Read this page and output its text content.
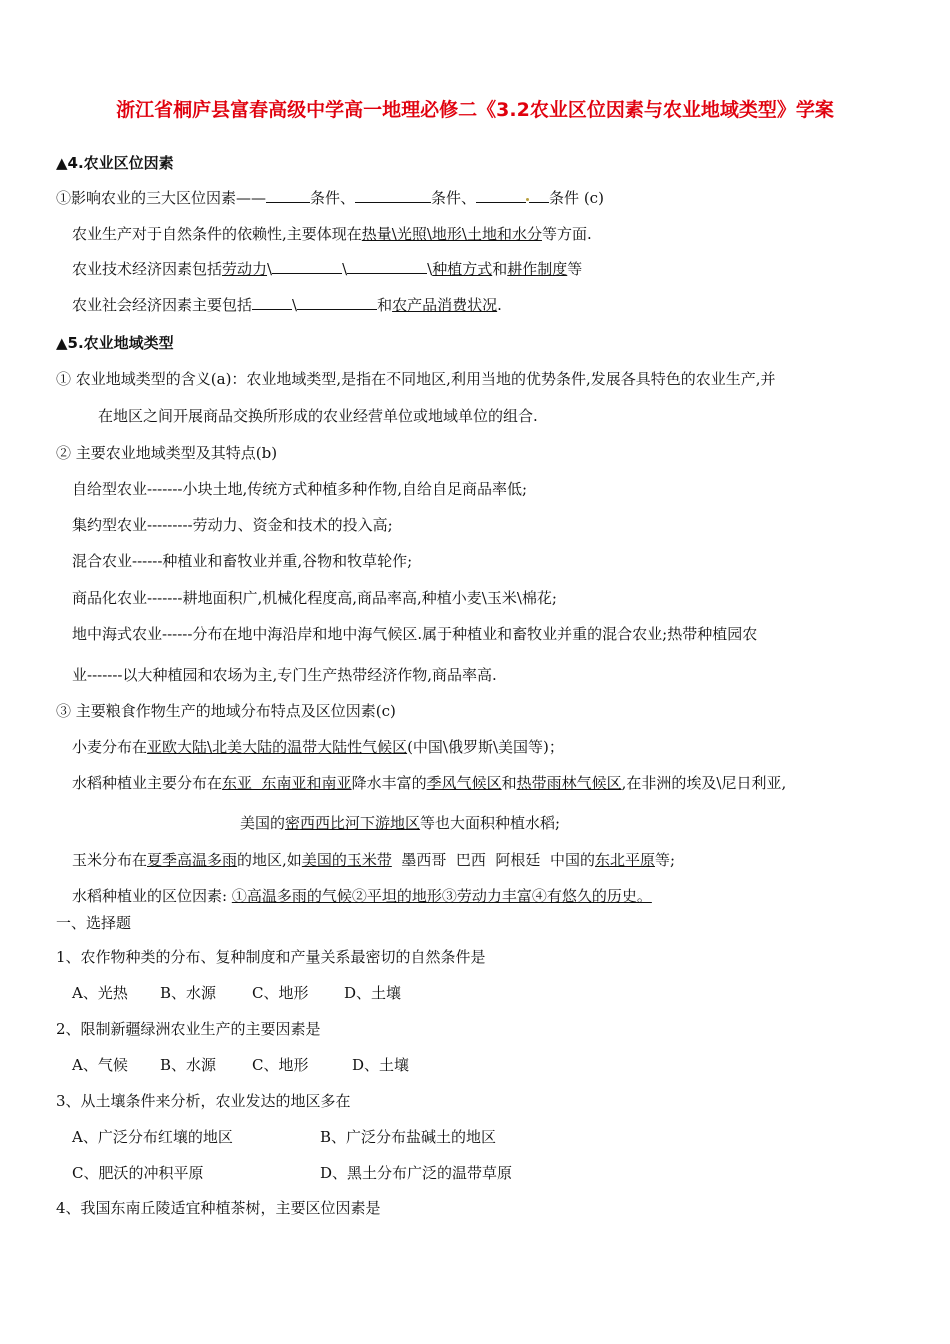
浙江省桐庐县富春高级中学高一地理必修二《3.2农业区位因素与农业地域类型》学案
▲4.农业区位因素
①影响农业的三大区位因素——	条件、	条件、	条件 (c)
农业生产对于自然条件的依赖性,主要体现在热量\光照\地形\土地和水分等方面.
农业技术经济因素包括劳动力\	\	\种植方式和耕作制度等
农业社会经济因素主要包括	\	和农产品消费状况.
▲5.农业地域类型
① 农业地域类型的含义(a)：农业地域类型,是指在不同地区,利用当地的优势条件,发展各具特色的农业生产,并
在地区之间开展商品交换所形成的农业经营单位或地域单位的组合.
② 主要农业地域类型及其特点(b)
自给型农业-------小块土地,传统方式种植多种作物,自给自足商品率低;
集约型农业---------劳动力、资金和技术的投入高;
混合农业------种植业和畜牧业并重,谷物和牧草轮作;
商品化农业-------耕地面积广,机械化程度高,商品率高,种植小麦\玉米\棉花;
地中海式农业------分布在地中海沿岸和地中海气候区.属于种植业和畜牧业并重的混合农业;热带种植园农
业-------以大种植园和农场为主,专门生产热带经济作物,商品率高.
③ 主要粮食作物生产的地域分布特点及区位因素(c)
小麦分布在亚欧大陆\北美大陆的温带大陆性气候区(中国\俄罗斯\美国等)；
水稻种植业主要分布在东亚  东南亚和南亚降水丰富的季风气候区和热带雨林气候区,在非洲的埃及\尼日利亚,
美国的密西西比河下游地区等也大面积种植水稻;
玉米分布在夏季高温多雨的地区,如美国的玉米带  墨西哥  巴西  阿根廷  中国的东北平原等;
水稻种植业的区位因素: ①高温多雨的气候②平坦的地形③劳动力丰富④有悠久的历史。
一、选择题
1、农作物种类的分布、复种制度和产量关系最密切的自然条件是
A、光热 B、水源 C、地形 D、土壤
2、限制新疆绿洲农业生产的主要因素是
A、气候 B、水源 C、地形	D、土壤
3、从土壤条件来分析，农业发达的地区多在
A、广泛分布红壤的地区	B、广泛分布盐碱土的地区
C、肥沃的冲积平原	D、黑土分布广泛的温带草原
4、我国东南丘陵适宜种植茶树，主要区位因素是
